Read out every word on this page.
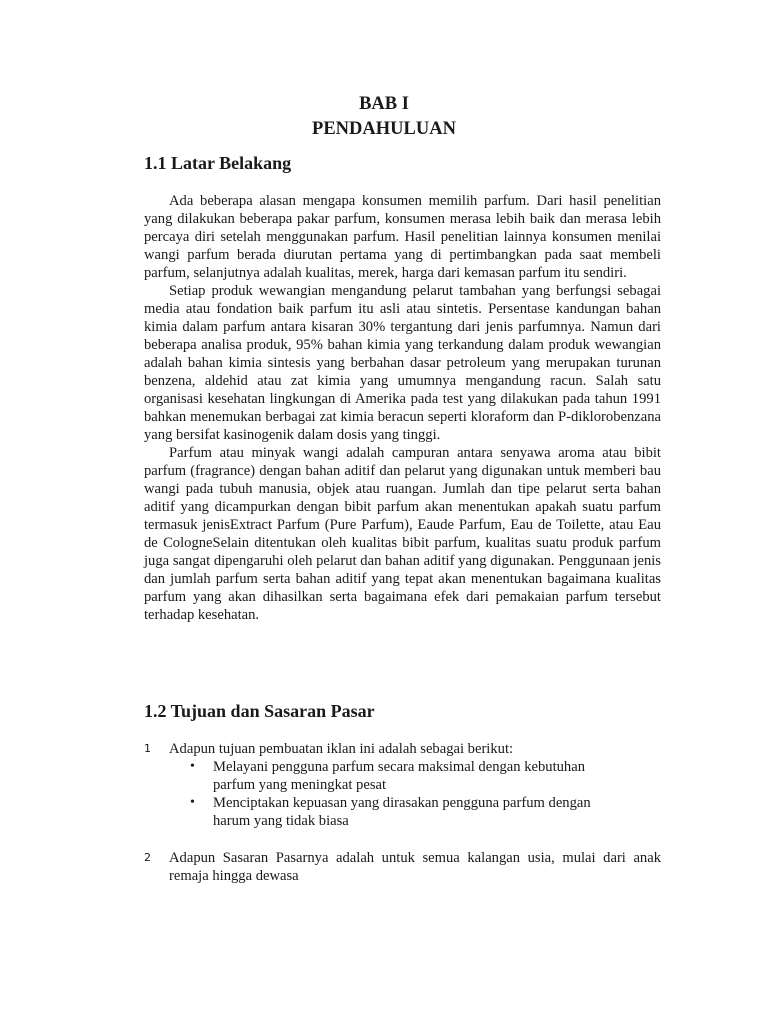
BAB I
PENDAHULUAN
1.1 Latar Belakang

Ada beberapa alasan mengapa konsumen memilih parfum. Dari hasil penelitian yang dilakukan beberapa pakar parfum, konsumen merasa lebih baik dan merasa lebih percaya diri setelah menggunakan parfum. Hasil penelitian lainnya konsumen menilai wangi parfum berada diurutan pertama yang di pertimbangkan pada saat membeli parfum, selanjutnya adalah kualitas, merek, harga dari kemasan parfum itu sendiri.

Setiap produk wewangian mengandung pelarut tambahan yang berfungsi sebagai media atau fondation baik parfum itu asli atau sintetis. Persentase kandungan bahan kimia dalam parfum antara kisaran 30% tergantung dari jenis parfumnya. Namun dari beberapa analisa produk, 95% bahan kimia yang terkandung dalam produk wewangian adalah bahan kimia sintesis yang berbahan dasar petroleum yang merupakan turunan benzena, aldehid atau zat kimia yang umumnya mengandung racun. Salah satu organisasi kesehatan lingkungan di Amerika pada test yang dilakukan pada tahun 1991 bahkan menemukan berbagai zat kimia beracun seperti kloraform dan P-diklorobenzana yang bersifat kasinogenik dalam dosis yang tinggi.

Parfum atau minyak wangi adalah campuran antara senyawa aroma atau bibit parfum (fragrance) dengan bahan aditif dan pelarut yang digunakan untuk memberi bau wangi pada tubuh manusia, objek atau ruangan. Jumlah dan tipe pelarut serta bahan aditif yang dicampurkan dengan bibit parfum akan menentukan apakah suatu parfum termasuk jenisExtract Parfum (Pure Parfum), Eaude Parfum, Eau de Toilette, atau Eau de CologneSelain ditentukan oleh kualitas bibit parfum, kualitas suatu produk parfum juga sangat dipengaruhi oleh pelarut dan bahan aditif yang digunakan. Penggunaan jenis dan jumlah parfum serta bahan aditif yang tepat akan menentukan bagaimana kualitas parfum yang akan dihasilkan serta bagaimana efek dari pemakaian parfum tersebut terhadap kesehatan.

1.2 Tujuan dan Sasaran Pasar
1 Adapun tujuan pembuatan iklan ini adalah sebagai berikut:
• Melayani pengguna parfum secara maksimal dengan kebutuhan parfum yang meningkat pesat
• Menciptakan kepuasan yang dirasakan pengguna parfum dengan harum yang tidak biasa
2 Adapun Sasaran Pasarnya adalah untuk semua kalangan usia, mulai dari anak remaja hingga dewasa
